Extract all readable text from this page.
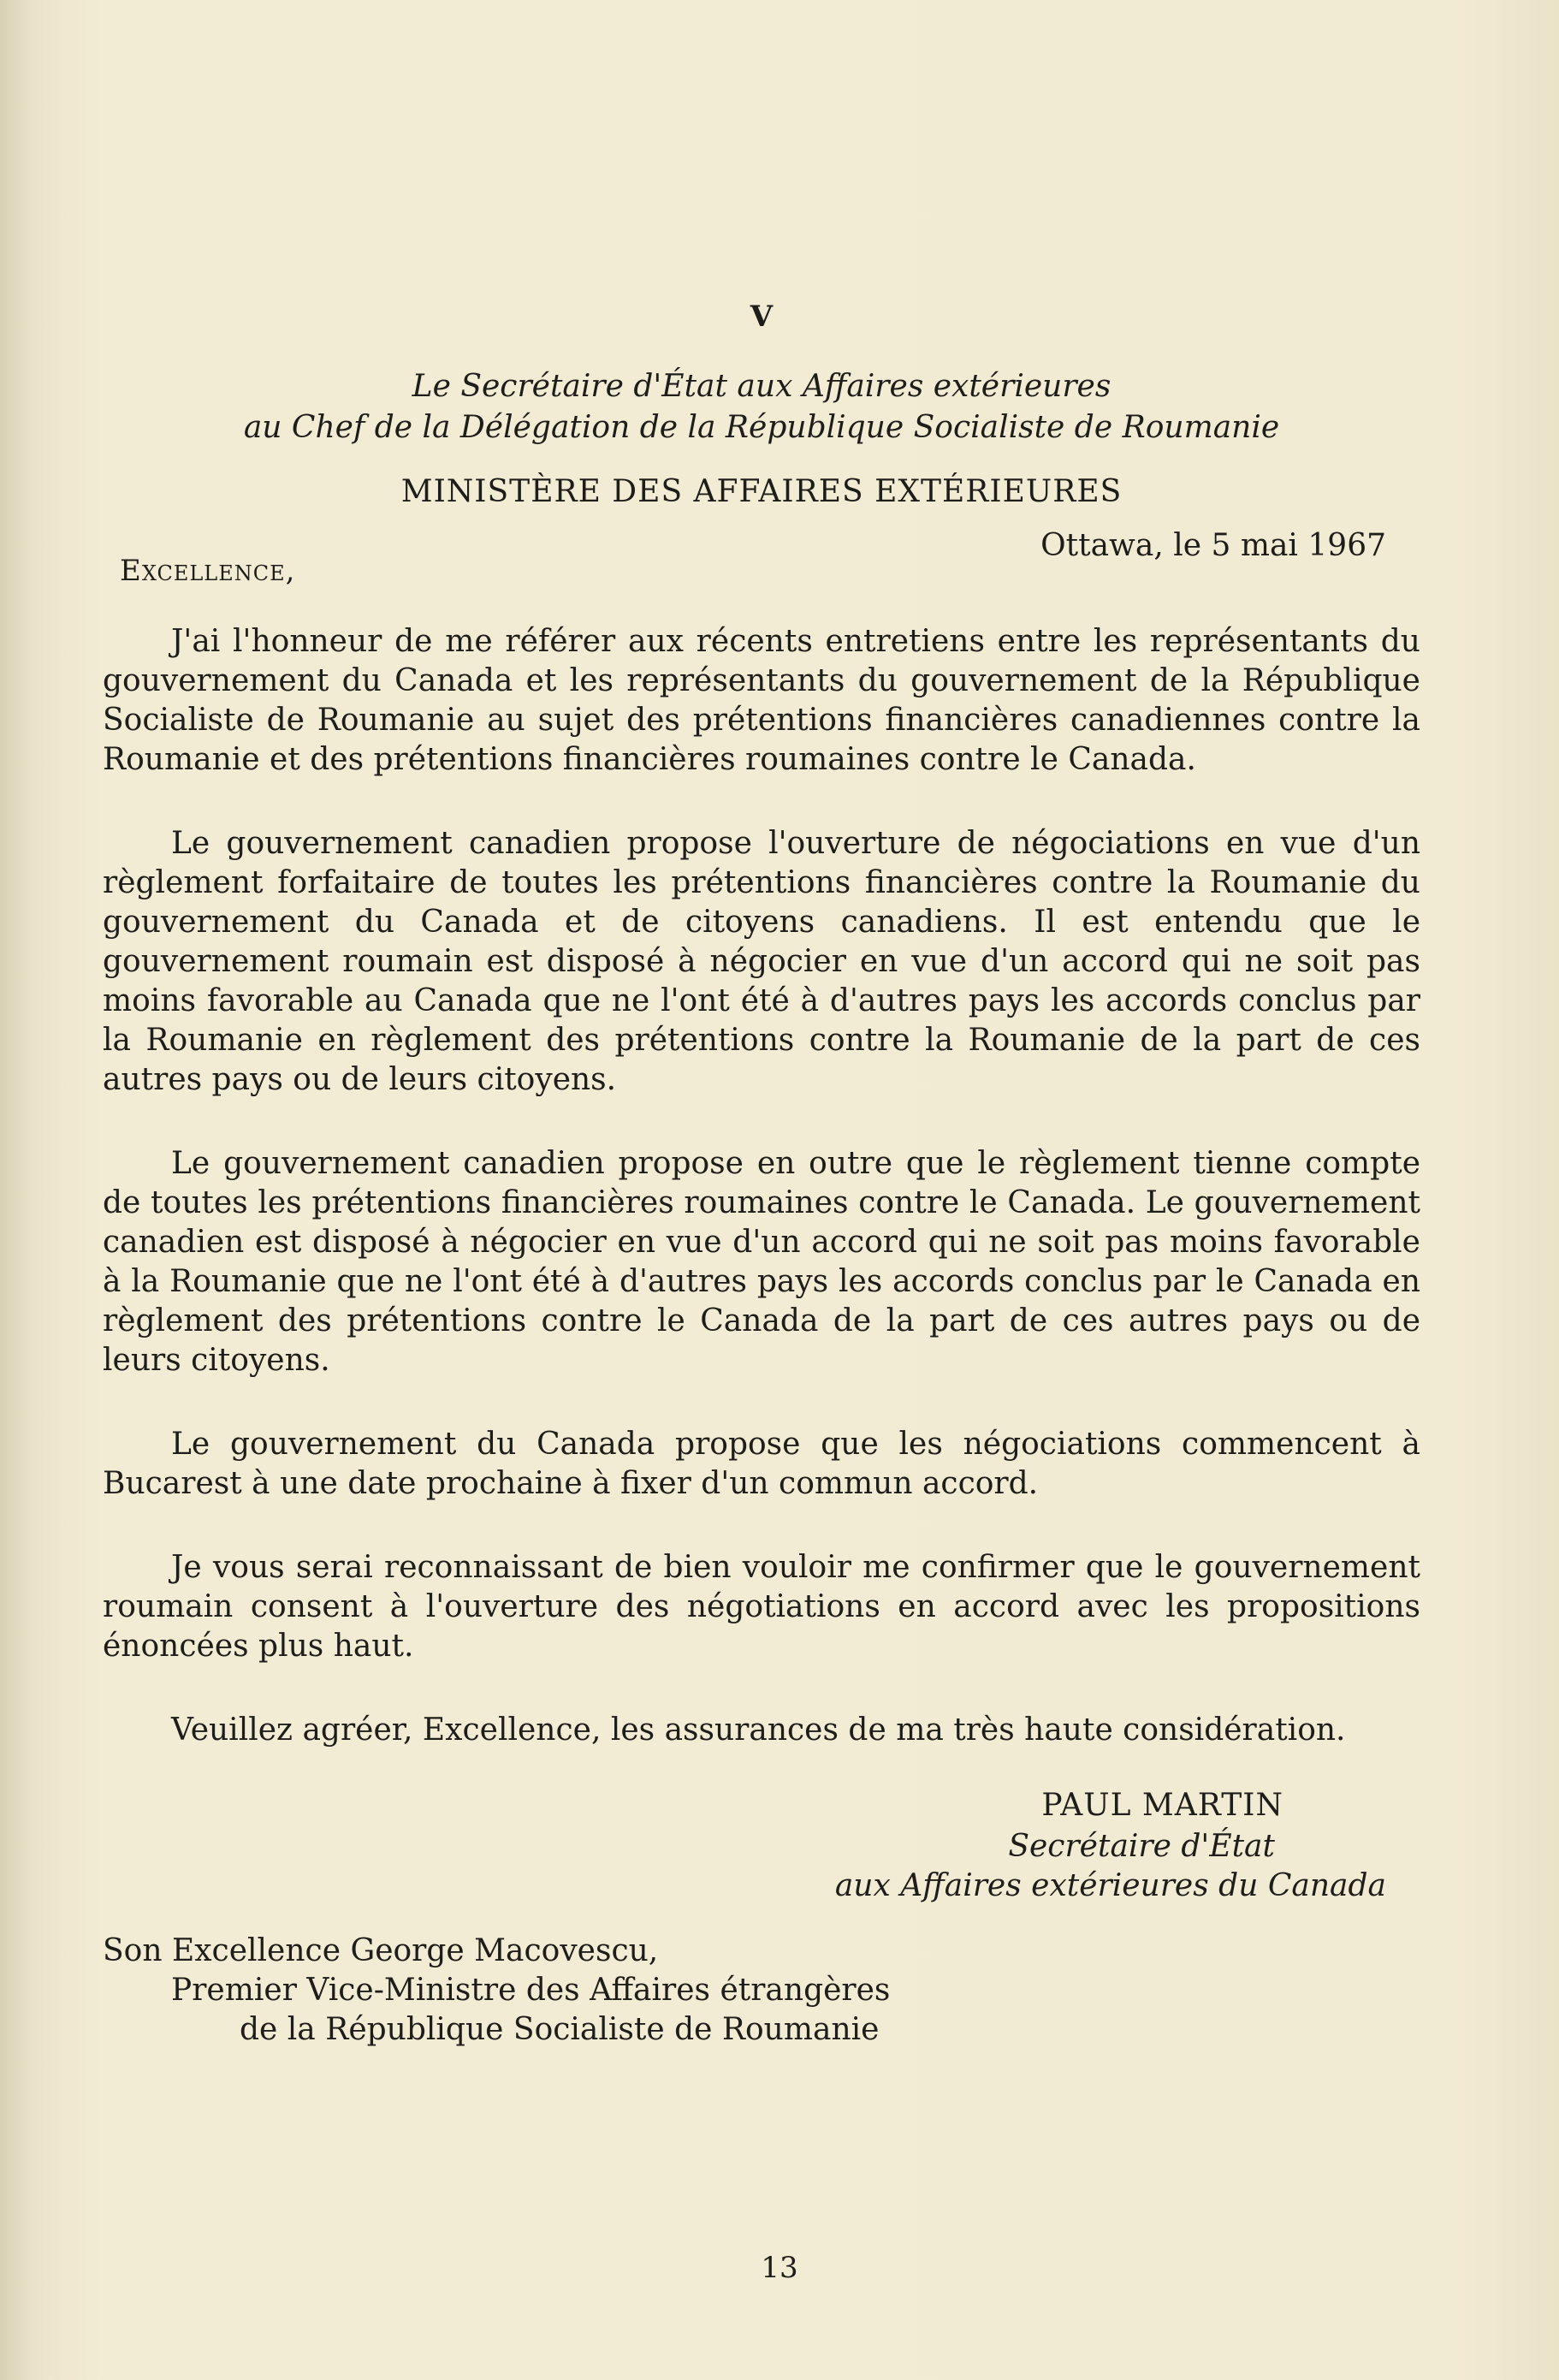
V
Le Secrétaire d'État aux Affaires extérieures
au Chef de la Délégation de la République Socialiste de Roumanie
MINISTÈRE DES AFFAIRES EXTÉRIEURES
Excellence,
Ottawa, le 5 mai 1967

J'ai l'honneur de me référer aux récents entretiens entre les représentants du gouvernement du Canada et les représentants du gouvernement de la République Socialiste de Roumanie au sujet des prétentions financières canadiennes contre la Roumanie et des prétentions financières roumaines contre le Canada.

Le gouvernement canadien propose l'ouverture de négociations en vue d'un règlement forfaitaire de toutes les prétentions financières contre la Roumanie du gouvernement du Canada et de citoyens canadiens. Il est entendu que le gouvernement roumain est disposé à négocier en vue d'un accord qui ne soit pas moins favorable au Canada que ne l'ont été à d'autres pays les accords conclus par la Roumanie en règlement des prétentions contre la Roumanie de la part de ces autres pays ou de leurs citoyens.

Le gouvernement canadien propose en outre que le règlement tienne compte de toutes les prétentions financières roumaines contre le Canada. Le gouvernement canadien est disposé à négocier en vue d'un accord qui ne soit pas moins favorable à la Roumanie que ne l'ont été à d'autres pays les accords conclus par le Canada en règlement des prétentions contre le Canada de la part de ces autres pays ou de leurs citoyens.

Le gouvernement du Canada propose que les négociations commencent à Bucarest à une date prochaine à fixer d'un commun accord.

Je vous serai reconnaissant de bien vouloir me confirmer que le gouvernement roumain consent à l'ouverture des négotiations en accord avec les propositions énoncées plus haut.

Veuillez agréer, Excellence, les assurances de ma très haute considération.

PAUL MARTIN
Secrétaire d'État
aux Affaires extérieures du Canada
Son Excellence George Macovescu,
Premier Vice-Ministre des Affaires étrangères
de la République Socialiste de Roumanie
13
